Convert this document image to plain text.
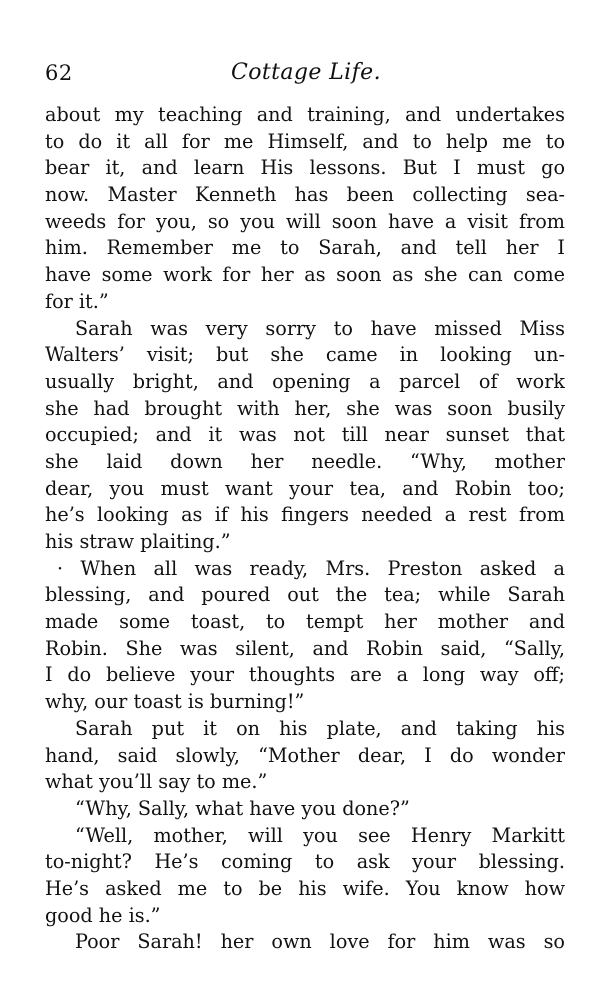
62	Cottage Life.
about my teaching and training, and undertakes
to do it all for me Himself, and to help me to
bear it, and learn His lessons. But I must go
now. Master Kenneth has been collecting sea-
weeds for you, so you will soon have a visit from
him. Remember me to Sarah, and tell her I
have some work for her as soon as she can come
for it.”
Sarah was very sorry to have missed Miss
Walters’ visit; but she came in looking un-
usually bright, and opening a parcel of work
she had brought with her, she was soon busily
occupied; and it was not till near sunset that
she laid down her needle. “Why, mother
dear, you must want your tea, and Robin too;
he’s looking as if his fingers needed a rest from
his straw plaiting.”
· When all was ready, Mrs. Preston asked a
blessing, and poured out the tea; while Sarah
made some toast, to tempt her mother and
Robin. She was silent, and Robin said, “Sally,
I do believe your thoughts are a long way off;
why, our toast is burning!”
Sarah put it on his plate, and taking his
hand, said slowly, “Mother dear, I do wonder
what you’ll say to me.”
“Why, Sally, what have you done?”
“Well, mother, will you see Henry Markitt
to-night? He’s coming to ask your blessing.
He’s asked me to be his wife. You know how
good he is.”
Poor Sarah! her own love for him was so
